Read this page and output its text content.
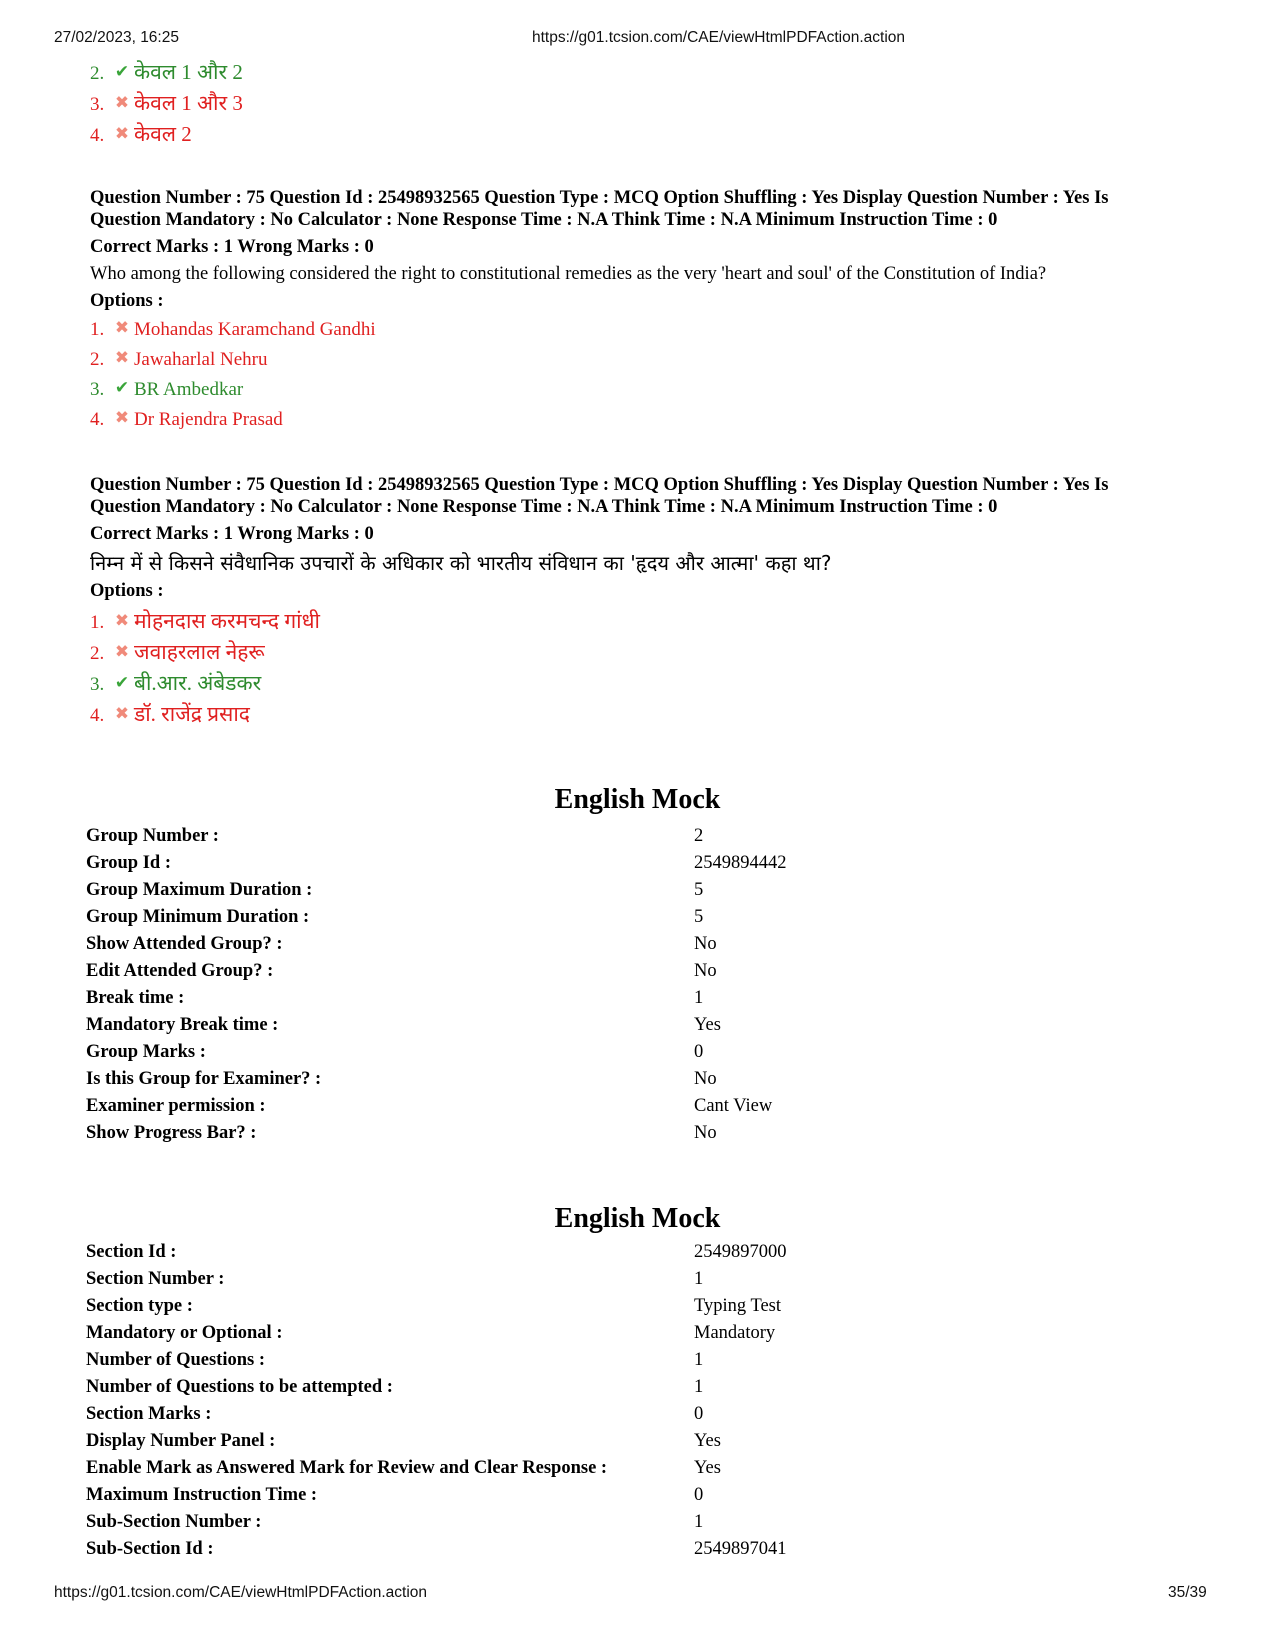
27/02/2023, 16:25	https://g01.tcsion.com/CAE/viewHtmlPDFAction.action
2. ✔ केवल 1 और 2
3. ✖ केवल 1 और 3
4. ✖ केवल 2
Question Number : 75 Question Id : 25498932565 Question Type : MCQ Option Shuffling : Yes Display Question Number : Yes Is
Question Mandatory : No Calculator : None Response Time : N.A Think Time : N.A Minimum Instruction Time : 0
Correct Marks : 1 Wrong Marks : 0
Who among the following considered the right to constitutional remedies as the very 'heart and soul' of the Constitution of India?
Options :
1. ✖ Mohandas Karamchand Gandhi
2. ✖ Jawaharlal Nehru
3. ✔ BR Ambedkar
4. ✖ Dr Rajendra Prasad
Question Number : 75 Question Id : 25498932565 Question Type : MCQ Option Shuffling : Yes Display Question Number : Yes Is
Question Mandatory : No Calculator : None Response Time : N.A Think Time : N.A Minimum Instruction Time : 0
Correct Marks : 1 Wrong Marks : 0
निम्न में से किसने संवैधानिक उपचारों के अधिकार को भारतीय संविधान का 'हृदय और आत्मा' कहा था?
Options :
1. ✖ मोहनदास करमचन्द गांधी
2. ✖ जवाहरलाल नेहरू
3. ✔ बी.आर. अंबेडकर
4. ✖ डॉ. राजेंद्र प्रसाद
English Mock
Group Number :	2
Group Id :	2549894442
Group Maximum Duration :	5
Group Minimum Duration :	5
Show Attended Group? :	No
Edit Attended Group? :	No
Break time :	1
Mandatory Break time :	Yes
Group Marks :	0
Is this Group for Examiner? :	No
Examiner permission :	Cant View
Show Progress Bar? :	No
English Mock
Section Id :	2549897000
Section Number :	1
Section type :	Typing Test
Mandatory or Optional :	Mandatory
Number of Questions :	1
Number of Questions to be attempted :	1
Section Marks :	0
Display Number Panel :	Yes
Enable Mark as Answered Mark for Review and Clear Response :	Yes
Maximum Instruction Time :	0
Sub-Section Number :	1
Sub-Section Id :	2549897041
https://g01.tcsion.com/CAE/viewHtmlPDFAction.action	35/39
